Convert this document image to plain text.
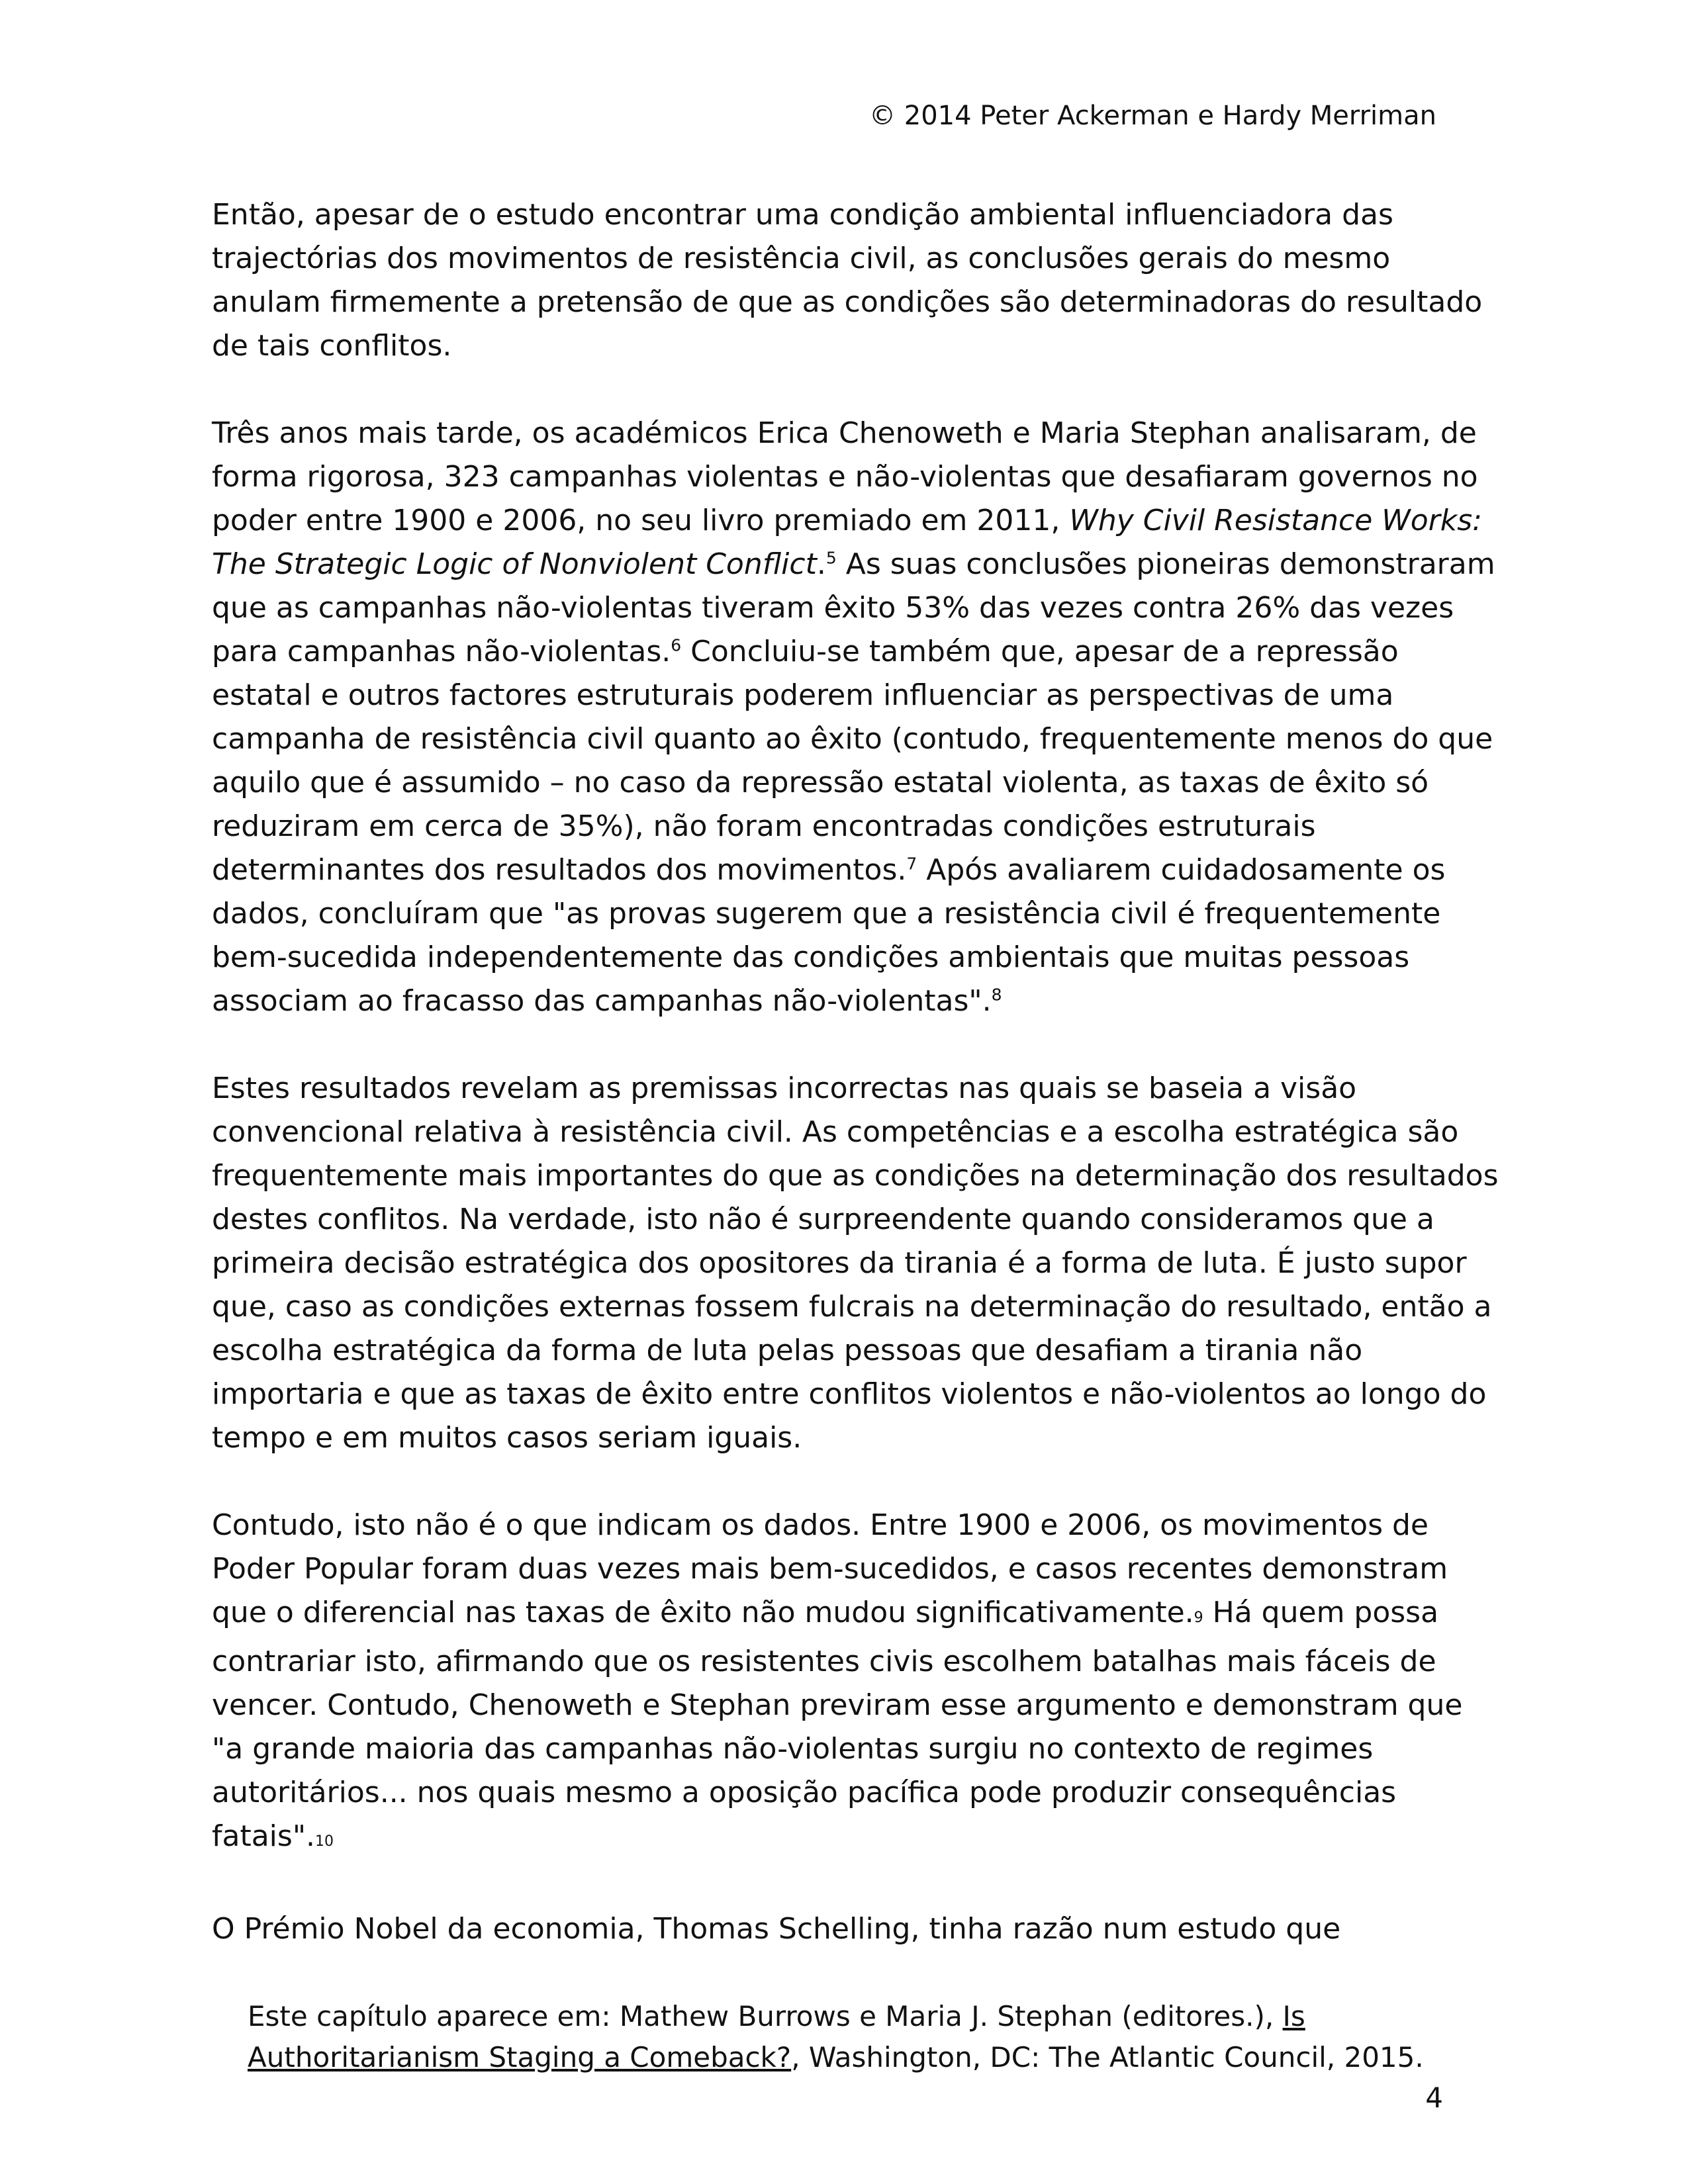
© 2014 Peter Ackerman e Hardy Merriman

Então, apesar de o estudo encontrar uma condição ambiental influenciadora das trajectórias dos movimentos de resistência civil, as conclusões gerais do mesmo anulam firmemente a pretensão de que as condições são determinadoras do resultado de tais conflitos.

Três anos mais tarde, os académicos Erica Chenoweth e Maria Stephan analisaram, de forma rigorosa, 323 campanhas violentas e não-violentas que desafiaram governos no poder entre 1900 e 2006, no seu livro premiado em 2011, Why Civil Resistance Works: The Strategic Logic of Nonviolent Conflict.$^5$ As suas conclusões pioneiras demonstraram que as campanhas não-violentas tiveram êxito 53% das vezes contra 26% das vezes para campanhas não-violentas.$^6$ Concluiu-se também que, apesar de a repressão estatal e outros factores estruturais poderem influenciar as perspectivas de uma campanha de resistência civil quanto ao êxito (contudo, frequentemente menos do que aquilo que é assumido – no caso da repressão estatal violenta, as taxas de êxito só reduziram em cerca de 35%), não foram encontradas condições estruturais determinantes dos resultados dos movimentos.$^7$ Após avaliarem cuidadosamente os dados, concluíram que "as provas sugerem que a resistência civil é frequentemente bem-sucedida independentemente das condições ambientais que muitas pessoas associam ao fracasso das campanhas não-violentas".$^8$

Estes resultados revelam as premissas incorrectas nas quais se baseia a visão convencional relativa à resistência civil. As competências e a escolha estratégica são frequentemente mais importantes do que as condições na determinação dos resultados destes conflitos. Na verdade, isto não é surpreendente quando consideramos que a primeira decisão estratégica dos opositores da tirania é a forma de luta. É justo supor que, caso as condições externas fossem fulcrais na determinação do resultado, então a escolha estratégica da forma de luta pelas pessoas que desafiam a tirania não importaria e que as taxas de êxito entre conflitos violentos e não-violentos ao longo do tempo e em muitos casos seriam iguais.

Contudo, isto não é o que indicam os dados. Entre 1900 e 2006, os movimentos de Poder Popular foram duas vezes mais bem-sucedidos, e casos recentes demonstram que o diferencial nas taxas de êxito não mudou significativamente.9 Há quem possa contrariar isto, afirmando que os resistentes civis escolhem batalhas mais fáceis de vencer. Contudo, Chenoweth e Stephan previram esse argumento e demonstram que "a grande maioria das campanhas não-violentas surgiu no contexto de regimes autoritários... nos quais mesmo a oposição pacífica pode produzir consequências fatais".10

O Prémio Nobel da economia, Thomas Schelling, tinha razão num estudo que

Este capítulo aparece em: Mathew Burrows e Maria J. Stephan (editores.), Is Authoritarianism Staging a Comeback?, Washington, DC: The Atlantic Council, 2015.
4
